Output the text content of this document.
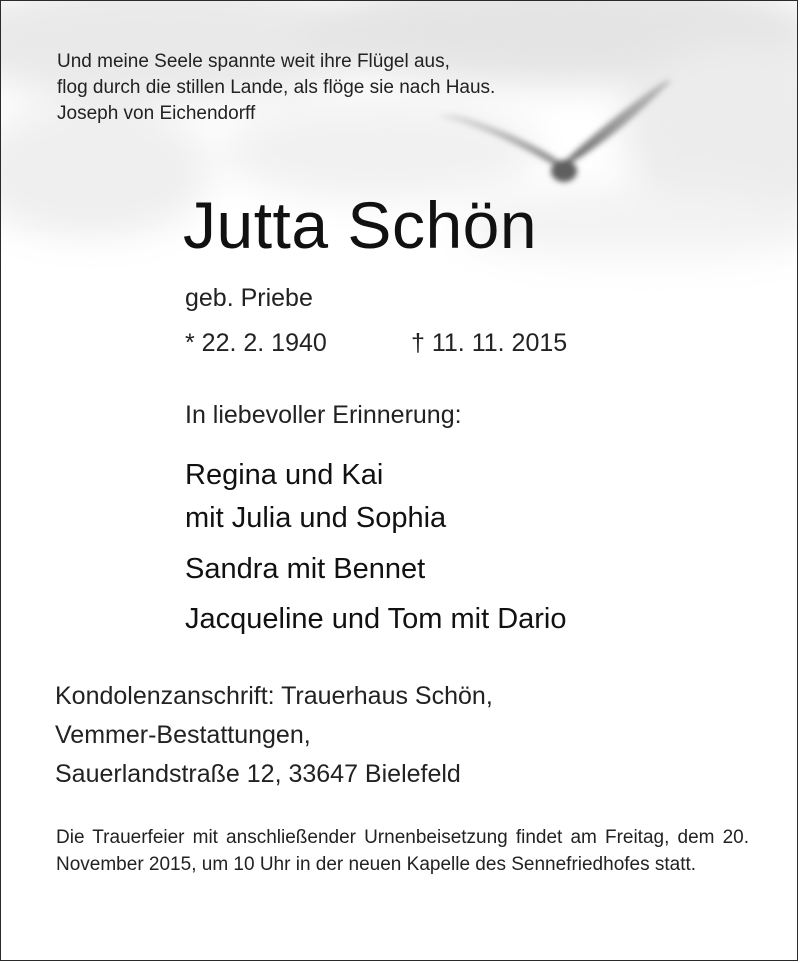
Und meine Seele spannte weit ihre Flügel aus,
flog durch die stillen Lande, als flöge sie nach Haus.
Joseph von Eichendorff
Jutta Schön
geb. Priebe
* 22. 2. 1940	† 11. 11. 2015
In liebevoller Erinnerung:
Regina und Kai
mit Julia und Sophia
Sandra mit Bennet
Jacqueline und Tom mit Dario
Kondolenzanschrift: Trauerhaus Schön,
Vemmer-Bestattungen,
Sauerlandstraße 12, 33647 Bielefeld

Die Trauerfeier mit anschließender Urnenbeisetzung findet am Freitag, dem 20. November 2015, um 10 Uhr in der neuen Kapelle des Sennefriedhofes statt.
